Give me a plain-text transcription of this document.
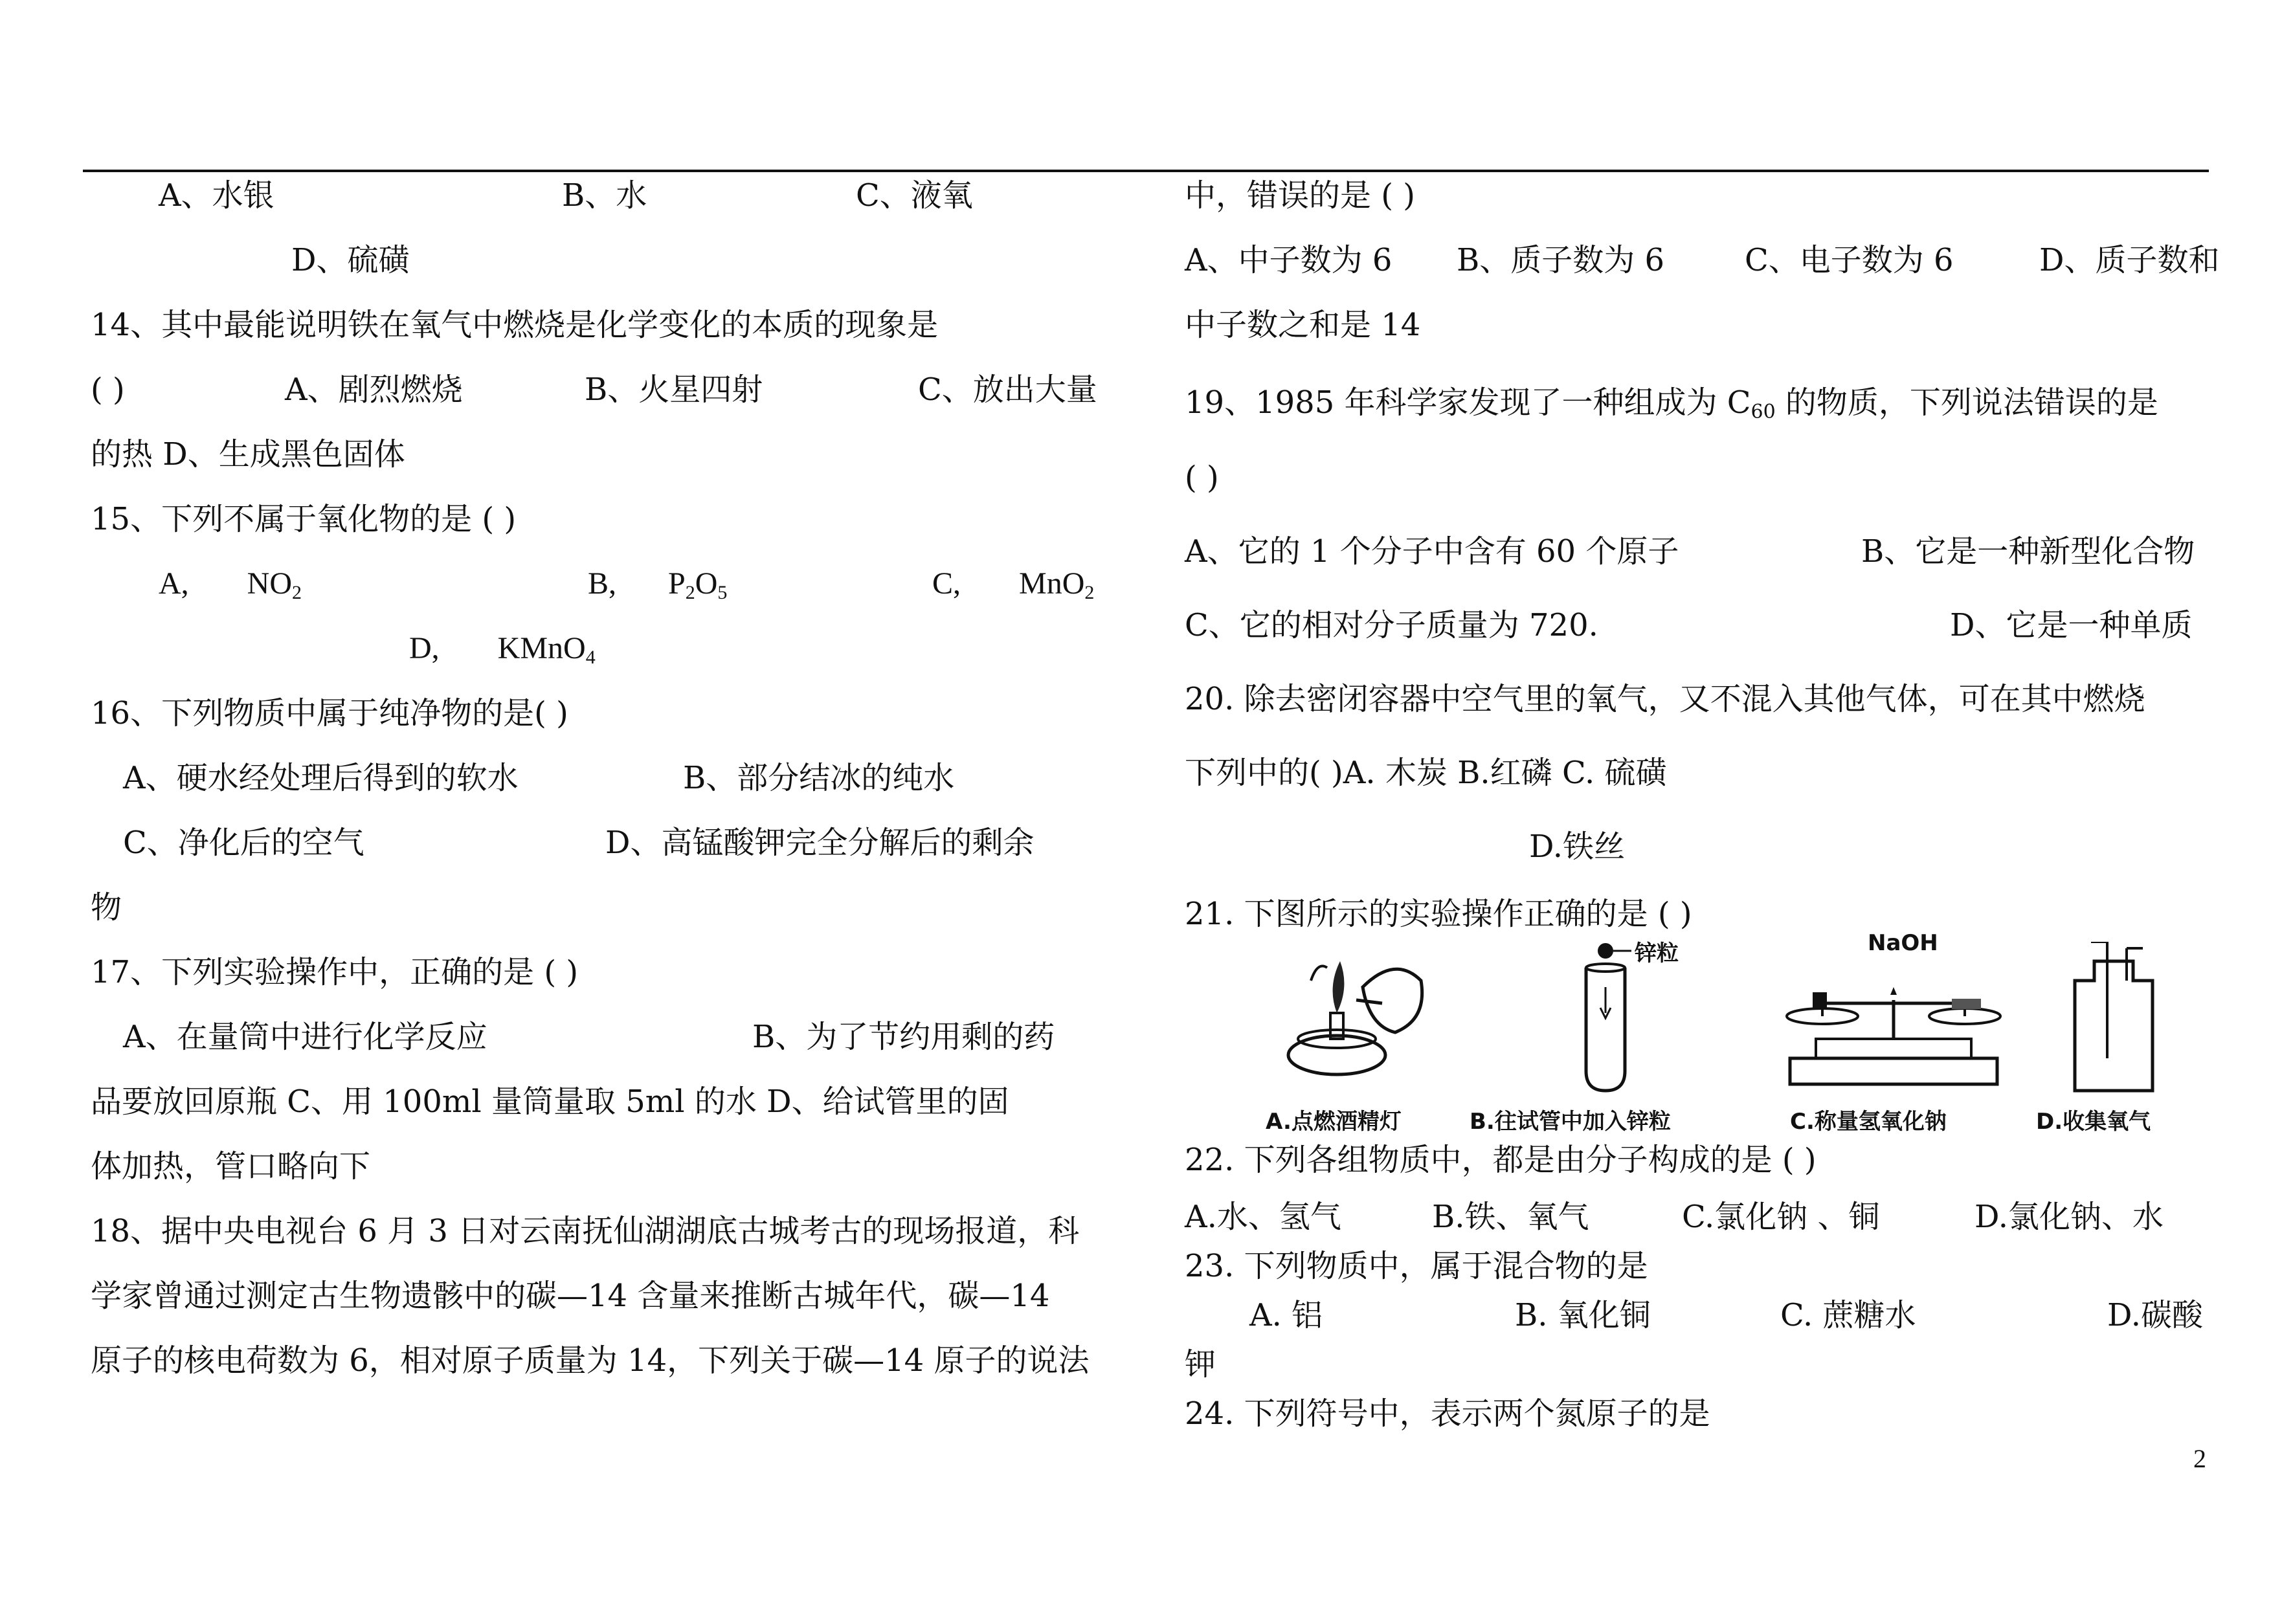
A、水银	B、水	C、液氧
D、硫磺
14、其中最能说明铁在氧气中燃烧是化学变化的本质的现象是
( )	A、剧烈燃烧	B、火星四射	C、放出大量
的热 D、生成黑色固体
15、下列不属于氧化物的是 ( )
A, $NO_2$	B, $P_2O_5$	C, MnO$_2$
D, KMnO$_4$
16、下列物质中属于纯净物的是( )
A、硬水经处理后得到的软水	B、部分结冰的纯水
C、净化后的空气	D、高锰酸钾完全分解后的剩余
物
17、下列实验操作中，正确的是 ( )
A、在量筒中进行化学反应	B、为了节约用剩的药
品要放回原瓶 C、用 100ml 量筒量取 5ml 的水 D、给试管里的固
体加热，管口略向下
18、据中央电视台 6 月 3 日对云南抚仙湖湖底古城考古的现场报道，科
学家曾通过测定古生物遗骸中的碳—14 含量来推断古城年代，碳—14
原子的核电荷数为 6，相对原子质量为 14，下列关于碳—14 原子的说法
中，错误的是 ( )
A、中子数为 6 B、质子数为 6	C、电子数为 6	D、质子数和
中子数之和是 14
19、1985 年科学家发现了一种组成为 $C_{60}$ 的物质，下列说法错误的是
( )
A、它的 1 个分子中含有 60 个原子	B、它是一种新型化合物
C、它的相对分子质量为 720.	D、它是一种单质
20. 除去密闭容器中空气里的氧气，又不混入其他气体，可在其中燃烧
下列中的( )A. 木炭 B.红磷 C. 硫磺
D.铁丝
21. 下图所示的实验操作正确的是 ( )
A.点燃酒精灯
锌粒
B.往试管中加入锌粒
NaOH
C.称量氢氧化钠	D.收集氧气
22. 下列各组物质中，都是由分子构成的是 ( )
A.水、氢气	B.铁、氧气	C.氯化钠 、铜	D.氯化钠、水
23. 下列物质中，属于混合物的是
A. 铝	B. 氧化铜	C. 蔗糖水	D.碳酸
钾
24. 下列符号中，表示两个氮原子的是
2
